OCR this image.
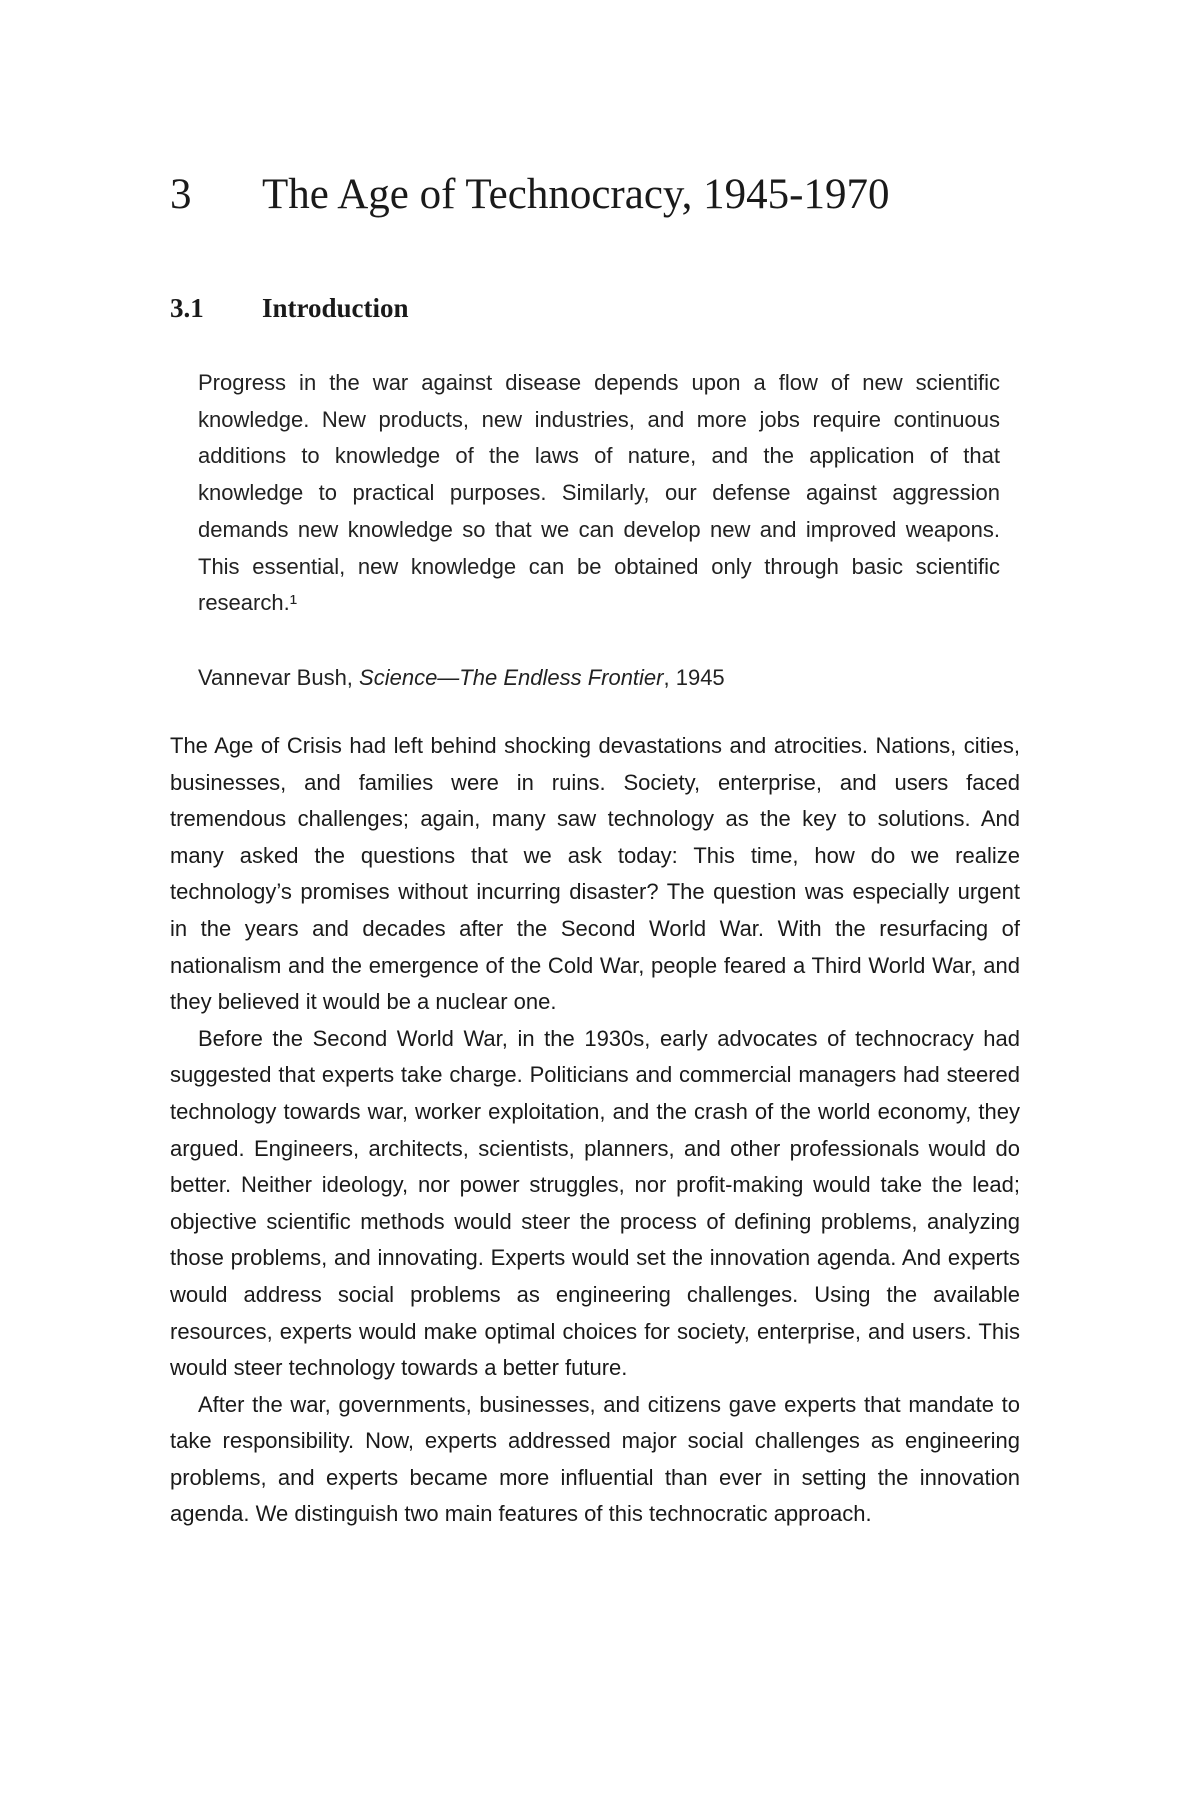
3 The Age of Technocracy, 1945-1970
3.1 Introduction
Progress in the war against disease depends upon a flow of new scientific knowledge. New products, new industries, and more jobs require continuous additions to knowledge of the laws of nature, and the application of that knowledge to practical purposes. Similarly, our defense against aggression demands new knowledge so that we can develop new and improved weapons. This essential, new knowledge can be obtained only through basic scientific research.¹
Vannevar Bush, Science—The Endless Frontier, 1945

The Age of Crisis had left behind shocking devastations and atrocities. Nations, cities, businesses, and families were in ruins. Society, enterprise, and users faced tremendous challenges; again, many saw technology as the key to solutions. And many asked the questions that we ask today: This time, how do we realize technology’s promises without incurring disaster? The question was especially urgent in the years and decades after the Second World War. With the resurfacing of nationalism and the emergence of the Cold War, people feared a Third World War, and they believed it would be a nuclear one.

Before the Second World War, in the 1930s, early advocates of technocracy had suggested that experts take charge. Politicians and commercial managers had steered technology towards war, worker exploitation, and the crash of the world economy, they argued. Engineers, architects, scientists, planners, and other professionals would do better. Neither ideology, nor power struggles, nor profit-making would take the lead; objective scientific methods would steer the process of defining problems, analyzing those problems, and innovating. Experts would set the innovation agenda. And experts would address social problems as engineering challenges. Using the available resources, experts would make optimal choices for society, enterprise, and users. This would steer technology towards a better future.

After the war, governments, businesses, and citizens gave experts that mandate to take responsibility. Now, experts addressed major social challenges as engineering problems, and experts became more influential than ever in setting the innovation agenda. We distinguish two main features of this technocratic approach.
